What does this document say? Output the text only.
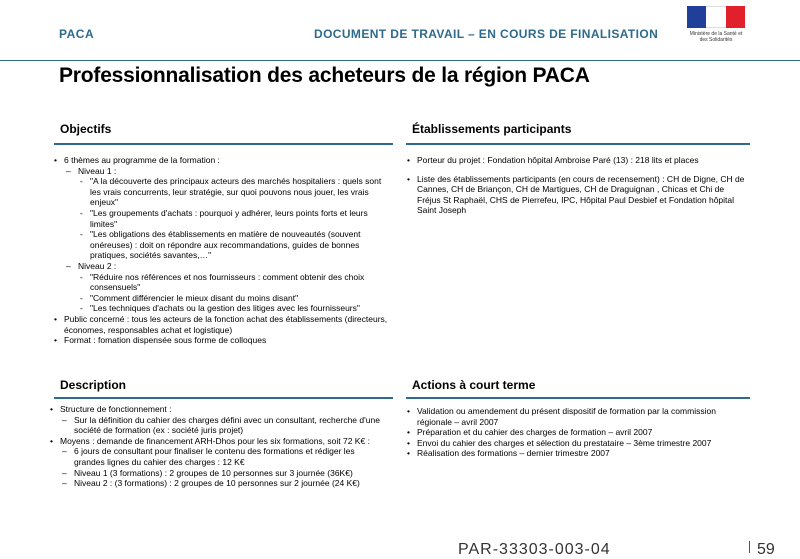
PACA	DOCUMENT DE TRAVAIL – EN COURS DE FINALISATION	Ministère de la Santé et des Solidarités
Professionnalisation des acheteurs de la région PACA
Objectifs
• 6 thèmes au programme de la formation :
– Niveau 1 :
- "A la découverte des principaux acteurs des marchés hospitaliers : quels sont les vrais concurrents, leur stratégie, sur quoi pouvons nous jouer, les vrais enjeux"
- "Les groupements d'achats : pourquoi y adhérer, leurs points forts et leurs limites"
- "Les obligations des établissements en matière de nouveautés (souvent onéreuses) : doit on répondre aux recommandations, guides de bonnes pratiques, sociétés savantes,…"
– Niveau 2 :
- "Réduire nos références et nos fournisseurs : comment obtenir des choix consensuels"
- "Comment différencier le mieux disant du moins disant"
- "Les techniques d'achats ou la gestion des litiges avec les fournisseurs"
• Public concerné : tous les acteurs de la fonction achat des établissements (directeurs, économes, responsables achat et logistique)
• Format : fomation dispensée sous forme de colloques
Établissements participants
• Porteur du projet : Fondation hôpital Ambroise Paré (13) : 218 lits et places
• Liste des établissements participants (en cours de recensement) : CH de Digne, CH de Cannes, CH de Briançon, CH de Martigues, CH de Draguignan , Chicas et Chi de Fréjus St Raphaël, CHS de Pierrefeu, IPC, Hôpital Paul Desbief et Fondation hôpital Saint Joseph
Description
• Structure de fonctionnement :
– Sur la définition du cahier des charges défini avec un consultant, recherche d'une société de formation (ex : société juris projet)
• Moyens : demande de financement ARH-Dhos pour les six formations, soit 72 K€ :
– 6 jours de consultant pour finaliser le contenu des formations et rédiger les grandes lignes du cahier des charges : 12 K€
– Niveau 1 (3 formations) : 2 groupes de 10 personnes sur 3 journée (36K€)
– Niveau 2 : (3 formations) : 2 groupes de 10 personnes sur 2 journée (24 K€)
Actions à court terme
• Validation ou amendement du présent dispositif de formation par la commission régionale – avril 2007
• Préparation et du cahier des charges de formation – avril 2007
• Envoi du cahier des charges et sélection du prestataire – 3ème trimestre 2007
• Réalisation des formations – dernier trimestre 2007
PAR-33303-003-04	59
